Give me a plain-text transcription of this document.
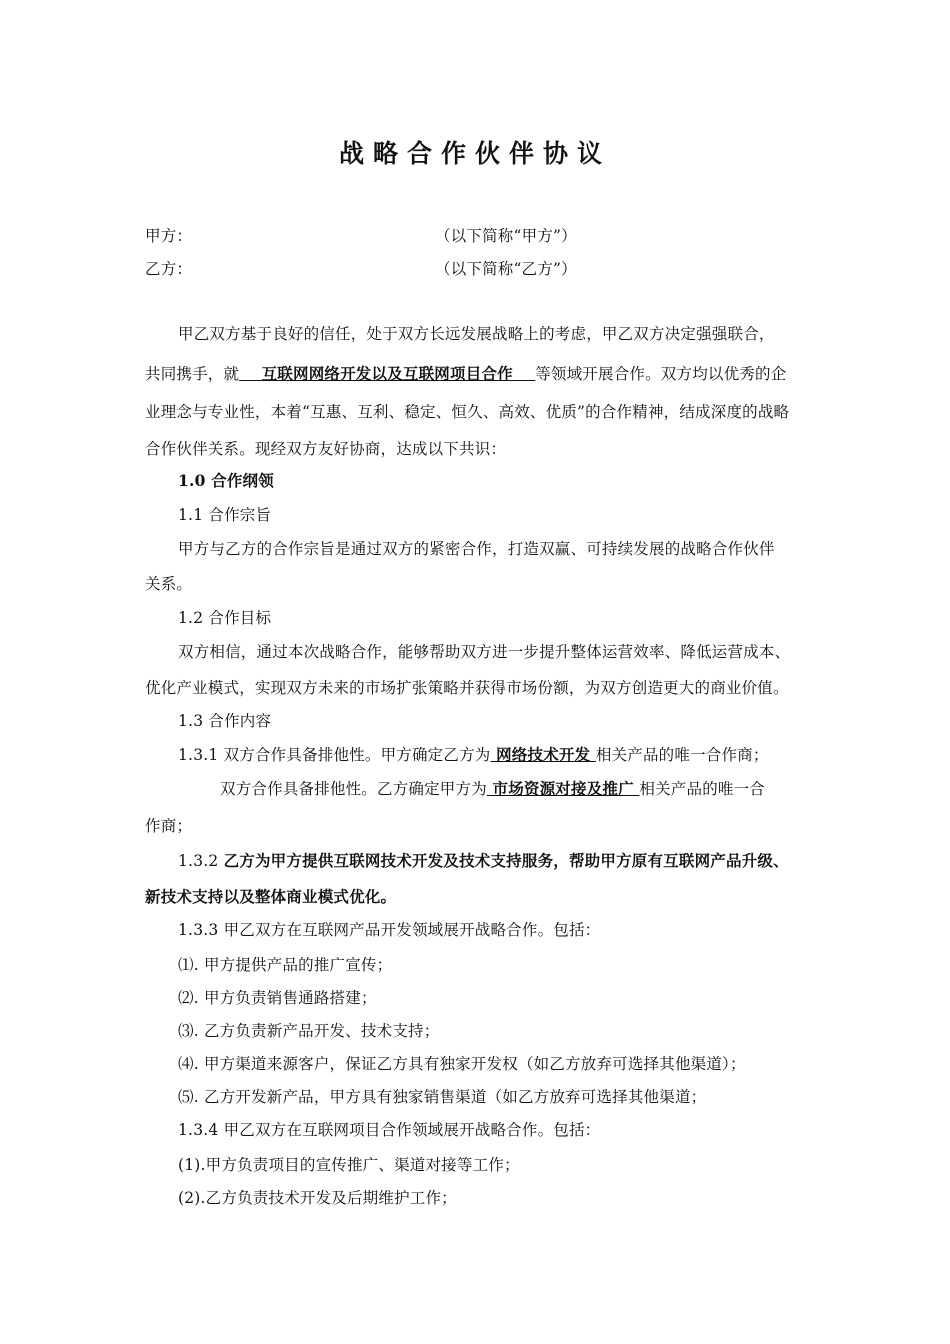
战略合作伙伴协议
甲方：	（以下简称“甲方”）
乙方：	（以下简称“乙方”）
甲乙双方基于良好的信任，处于双方长远发展战略上的考虑，甲乙双方决定强强联合，
共同携手，就    互联网网络开发以及互联网项目合作    等领域开展合作。双方均以优秀的企
业理念与专业性，本着“互惠、互利、稳定、恒久、高效、优质”的合作精神，结成深度的战略
合作伙伴关系。现经双方友好协商，达成以下共识：
1.0 合作纲领
1.1 合作宗旨
甲方与乙方的合作宗旨是通过双方的紧密合作，打造双赢、可持续发展的战略合作伙伴
关系。
1.2 合作目标
双方相信，通过本次战略合作，能够帮助双方进一步提升整体运营效率、降低运营成本、
优化产业模式，实现双方未来的市场扩张策略并获得市场份额，为双方创造更大的商业价值。
1.3 合作内容
1.3.1 双方合作具备排他性。甲方确定乙方为 网络技术开发 相关产品的唯一合作商；
双方合作具备排他性。乙方确定甲方为 市场资源对接及推广 相关产品的唯一合
作商；
1.3.2 乙方为甲方提供互联网技术开发及技术支持服务，帮助甲方原有互联网产品升级、
新技术支持以及整体商业模式优化。
1.3.3 甲乙双方在互联网产品开发领域展开战略合作。包括：
⑴. 甲方提供产品的推广宣传；
⑵. 甲方负责销售通路搭建；
⑶. 乙方负责新产品开发、技术支持；
⑷. 甲方渠道来源客户，保证乙方具有独家开发权（如乙方放弃可选择其他渠道）；
⑸. 乙方开发新产品，甲方具有独家销售渠道（如乙方放弃可选择其他渠道；
1.3.4 甲乙双方在互联网项目合作领域展开战略合作。包括：
(1).甲方负责项目的宣传推广、渠道对接等工作；
(2).乙方负责技术开发及后期维护工作；
